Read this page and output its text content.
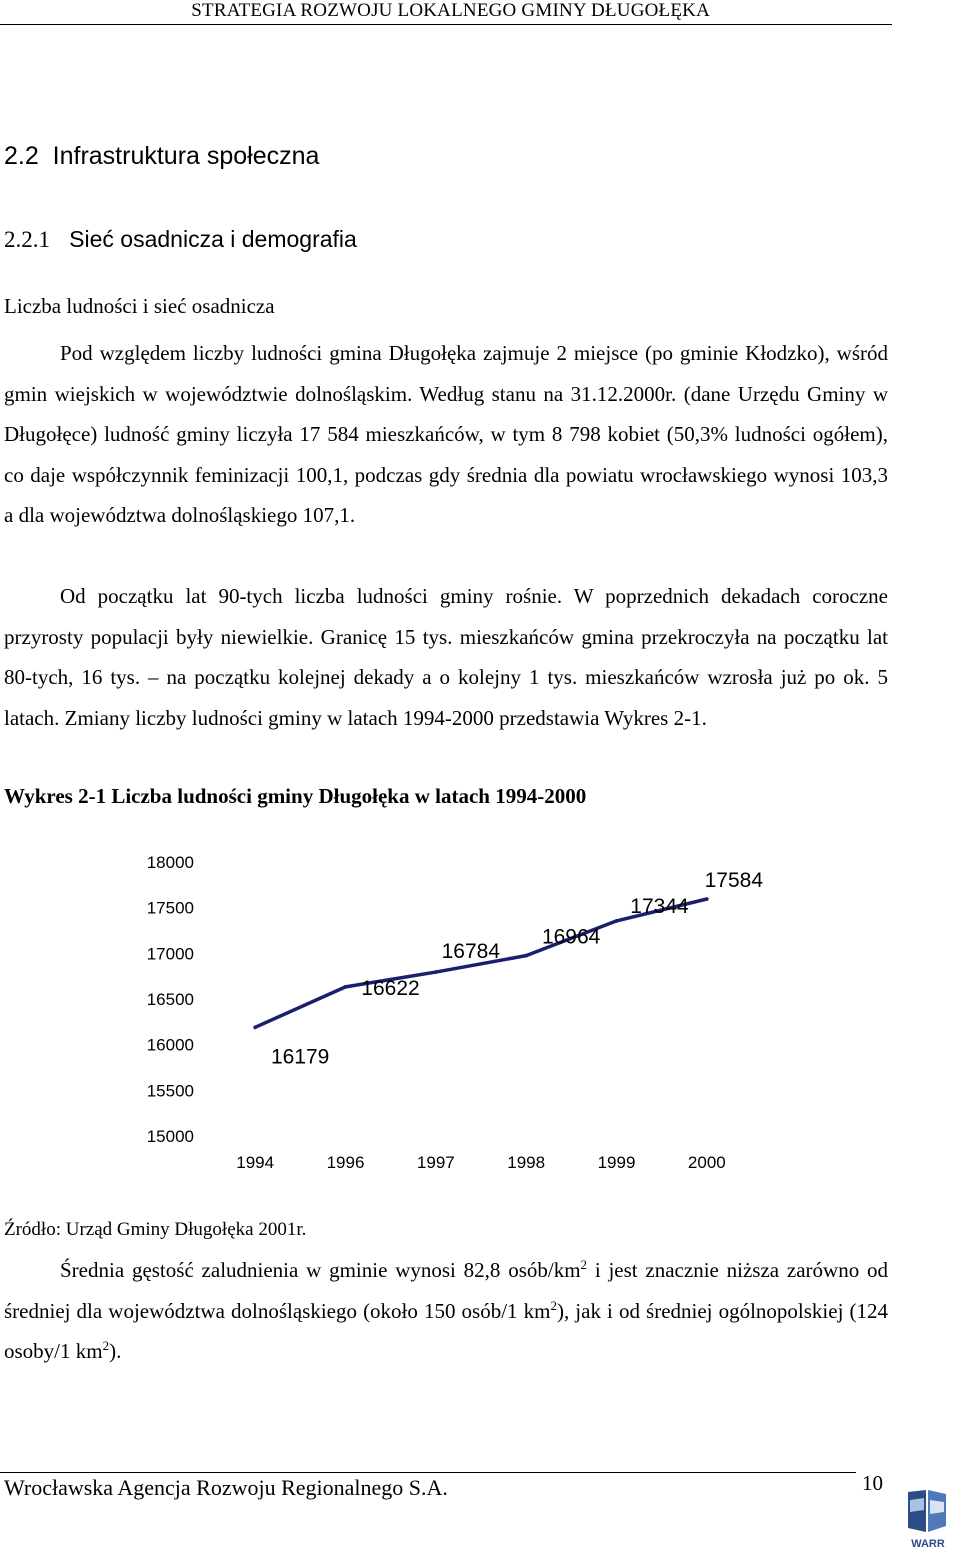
STRATEGIA ROZWOJU LOKALNEGO GMINY DŁUGOŁĘKA
2.2  Infrastruktura społeczna
2.2.1 Sieć osadnicza i demografia
Liczba ludności i sieć osadnicza

Pod względem liczby ludności gmina Długołęka zajmuje 2 miejsce (po gminie Kłodzko), wśród gmin wiejskich w województwie dolnośląskim. Według stanu na 31.12.2000r. (dane Urzędu Gminy w Długołęce) ludność gminy liczyła 17 584 mieszkańców, w tym 8 798 kobiet (50,3% ludności ogółem), co daje współczynnik feminizacji 100,1, podczas gdy średnia dla powiatu wrocławskiego wynosi 103,3 a dla województwa dolnośląskiego 107,1.

Od początku lat 90-tych liczba ludności gminy rośnie. W poprzednich dekadach coroczne przyrosty populacji były niewielkie. Granicę 15 tys. mieszkańców gmina przekroczyła na początku lat 80-tych, 16 tys. – na początku kolejnej dekady a o kolejny 1 tys. mieszkańców wzrosła już po ok. 5 latach. Zmiany liczby ludności gminy w latach 1994-2000 przedstawia Wykres 2-1.

Wykres 2-1 Liczba ludności gminy Długołęka w latach 1994-2000
18000
17500
17000
16500
16000
15500
15000
1994	1996	1997	1998	1999	2000
16179
16622
16784
16964
17344
17584
Źródło: Urząd Gminy Długołęka 2001r.

Średnia gęstość zaludnienia w gminie wynosi 82,8 osób/$km^2$ i jest znacznie niższa zarówno od średniej dla województwa dolnośląskiego (około 150 osób/1 $km^2$), jak i od średniej ogólnopolskiej (124 osoby/1 $km^2$).

Wrocławska Agencja Rozwoju Regionalnego S.A.	10
WARR
